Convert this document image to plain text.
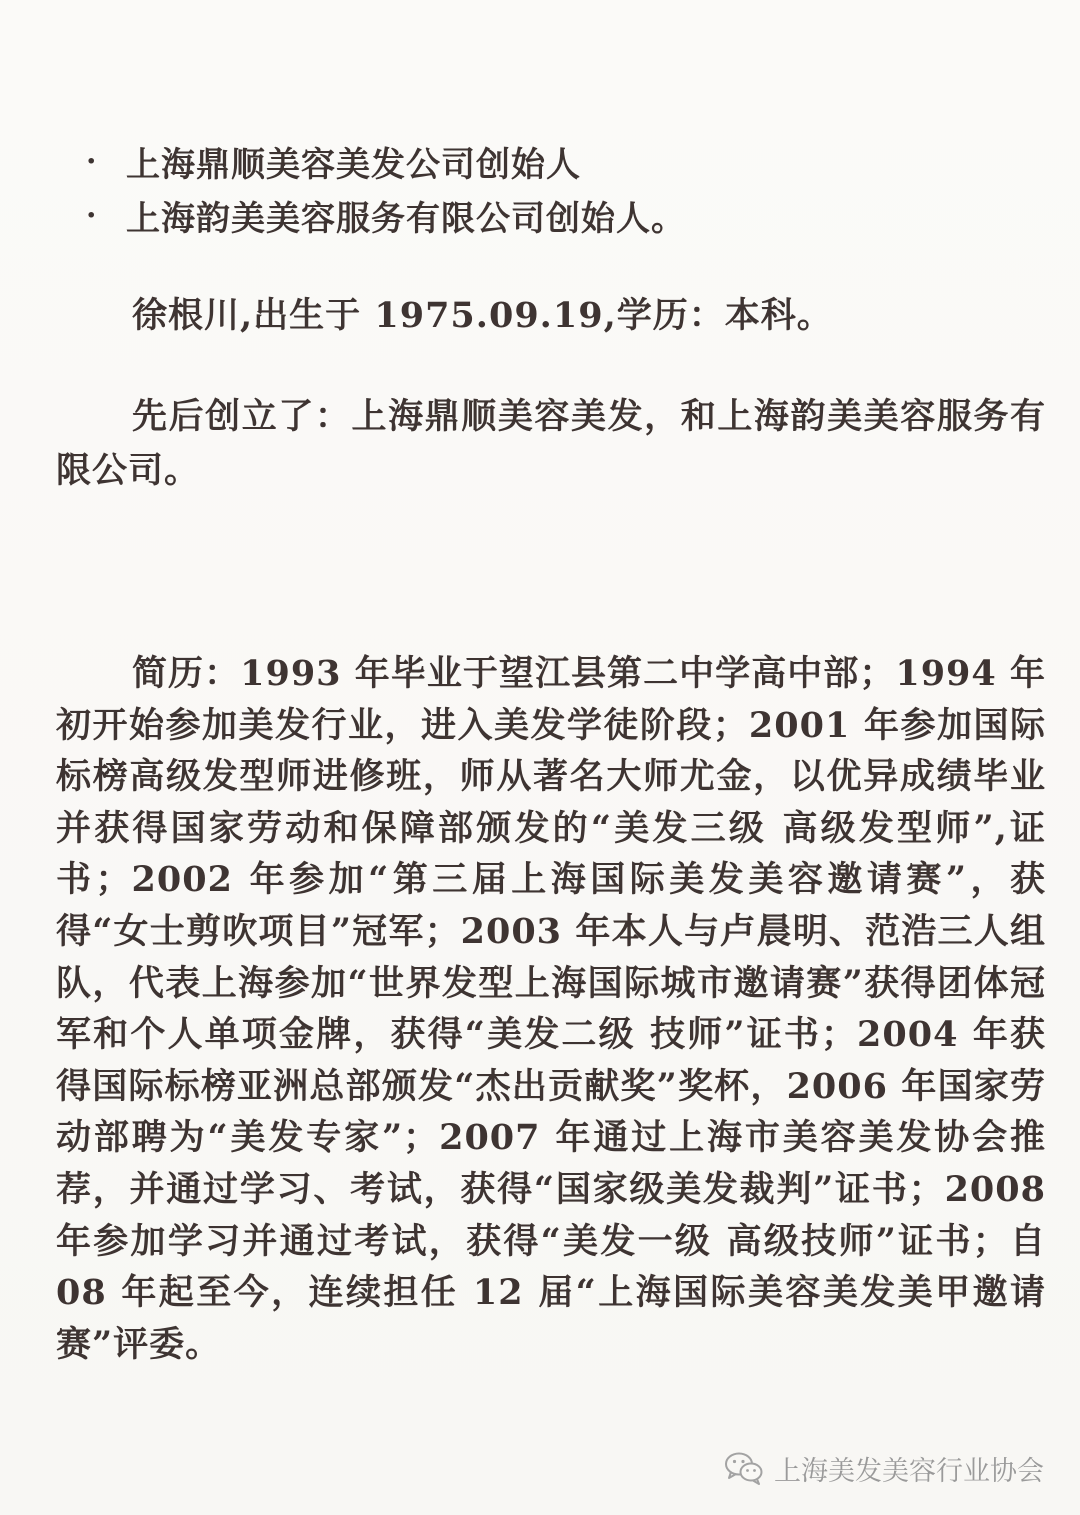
· 上海鼎顺美容美发公司创始人
· 上海韵美美容服务有限公司创始人。

徐根川,出生于 1975.09.19,学历：本科。

先后创立了：上海鼎顺美容美发，和上海韵美美容服务有限公司。

简历：1993 年毕业于望江县第二中学高中部；1994 年初开始参加美发行业，进入美发学徒阶段；2001 年参加国际标榜高级发型师进修班，师从著名大师尤金，以优异成绩毕业并获得国家劳动和保障部颁发的“美发三级 高级发型师”,证书；2002 年参加“第三届上海国际美发美容邀请赛”，获得“女士剪吹项目”冠军；2003 年本人与卢晨明、范浩三人组队，代表上海参加“世界发型上海国际城市邀请赛”获得团体冠军和个人单项金牌，获得“美发二级 技师”证书；2004 年获得国际标榜亚洲总部颁发“杰出贡献奖”奖杯，2006 年国家劳动部聘为“美发专家”；2007 年通过上海市美容美发协会推荐，并通过学习、考试，获得“国家级美发裁判”证书；2008 年参加学习并通过考试，获得“美发一级 高级技师”证书；自 08 年起至今，连续担任 12 届“上海国际美容美发美甲邀请赛”评委。

上海美发美容行业协会
